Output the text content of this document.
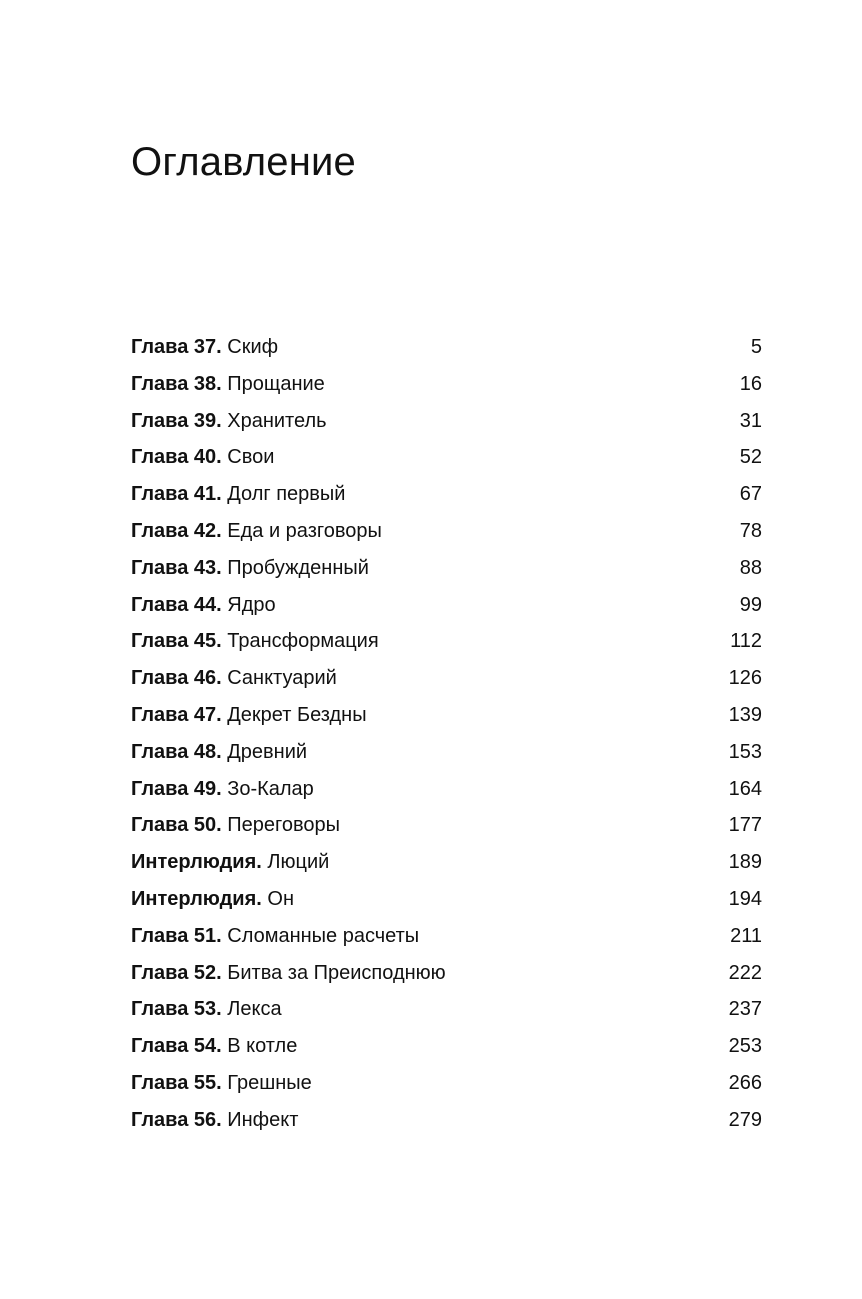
Оглавление
Глава 37. Скиф	5
Глава 38. Прощание	16
Глава 39. Хранитель	31
Глава 40. Свои	52
Глава 41. Долг первый	67
Глава 42. Еда и разговоры	78
Глава 43. Пробужденный	88
Глава 44. Ядро	99
Глава 45. Трансформация	112
Глава 46. Санктуарий	126
Глава 47. Декрет Бездны	139
Глава 48. Древний	153
Глава 49. Зо-Калар	164
Глава 50. Переговоры	177
Интерлюдия. Люций	189
Интерлюдия. Он	194
Глава 51. Сломанные расчеты	211
Глава 52. Битва за Преисподнюю	222
Глава 53. Лекса	237
Глава 54. В котле	253
Глава 55. Грешные	266
Глава 56. Инфект	279
